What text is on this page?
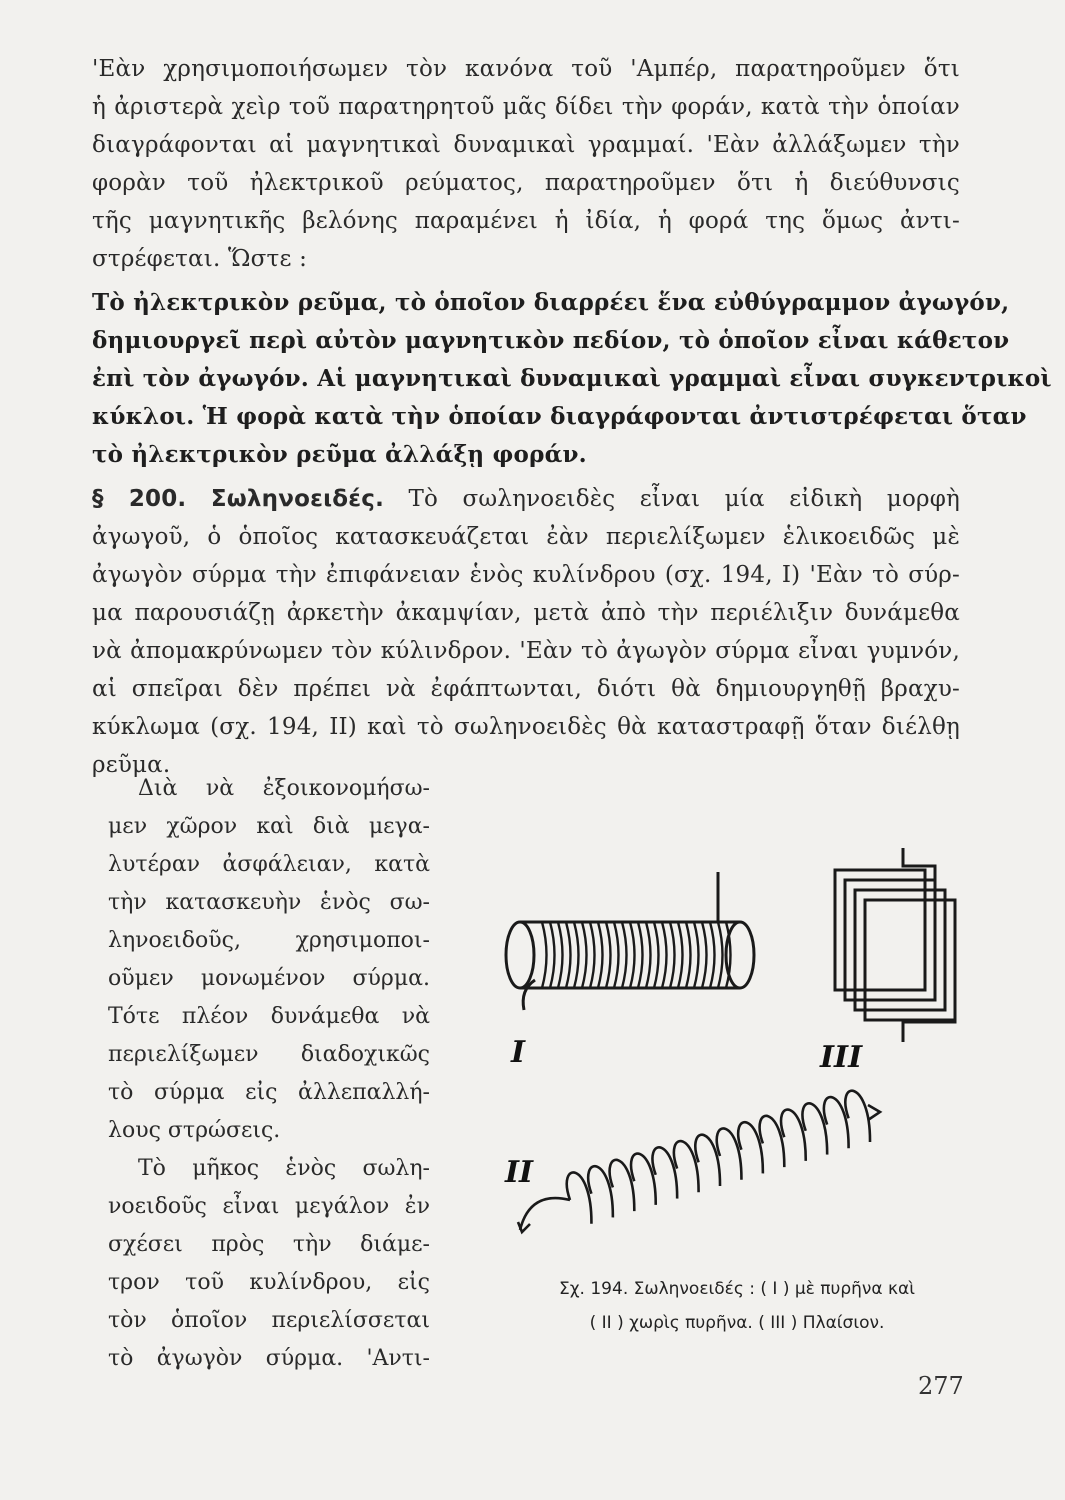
'Εὰν χρησιμοποιήσωμεν τὸν κανόνα τοῦ 'Αμπέρ, παρατηροῦμεν ὅτι
ἡ ἀριστερὰ χεὶρ τοῦ παρατηρητοῦ μᾶς δίδει τὴν φοράν, κατὰ τὴν ὁποίαν
διαγράφονται αἱ μαγνητικαὶ δυναμικαὶ γραμμαί. 'Εὰν ἀλλάξωμεν τὴν
φορὰν τοῦ ἠλεκτρικοῦ ρεύματος, παρατηροῦμεν ὅτι ἡ διεύθυνσις
τῆς μαγνητικῆς βελόνης παραμένει ἡ ἰδία, ἡ φορά της ὅμως ἀντι-
στρέφεται. Ὥστε :
Τὸ ἠλεκτρικὸν ρεῦμα, τὸ ὁποῖον διαρρέει ἕνα εὐθύγραμμον ἀγωγόν,
δημιουργεῖ περὶ αὐτὸν μαγνητικὸν πεδίον, τὸ ὁποῖον εἶναι κάθετον
ἐπὶ τὸν ἀγωγόν. Αἱ μαγνητικαὶ δυναμικαὶ γραμμαὶ εἶναι συγκεντρικοὶ
κύκλοι. Ἡ φορὰ κατὰ τὴν ὁποίαν διαγράφονται ἀντιστρέφεται ὅταν
τὸ ἠλεκτρικὸν ρεῦμα ἀλλάξῃ φοράν.
§ 200. Σωληνοειδές. Τὸ σωληνοειδὲς εἶναι μία εἰδικὴ μορφὴ
ἀγωγοῦ, ὁ ὁποῖος κατασκευάζεται ἐὰν περιελίξωμεν ἑλικοειδῶς μὲ
ἀγωγὸν σύρμα τὴν ἐπιφάνειαν ἑνὸς κυλίνδρου (σχ. 194, I) 'Εὰν τὸ σύρ-
μα παρουσιάζῃ ἀρκετὴν ἀκαμψίαν, μετὰ ἀπὸ τὴν περιέλιξιν δυνάμεθα
νὰ ἀπομακρύνωμεν τὸν κύλινδρον. 'Εὰν τὸ ἀγωγὸν σύρμα εἶναι γυμνόν,
αἱ σπεῖραι δὲν πρέπει νὰ ἐφάπτωνται, διότι θὰ δημιουργηθῇ βραχυ-
κύκλωμα (σχ. 194, II) καὶ τὸ σωληνοειδὲς θὰ καταστραφῇ ὅταν διέλθῃ
ρεῦμα.
Διὰ νὰ ἐξοικονομήσω-
μεν χῶρον καὶ διὰ μεγα-
λυτέραν ἀσφάλειαν, κατὰ
τὴν κατασκευὴν ἑνὸς σω-
ληνοειδοῦς, χρησιμοποι-
οῦμεν μονωμένον σύρμα.
Τότε πλέον δυνάμεθα νὰ
περιελίξωμεν διαδοχικῶς
τὸ σύρμα εἰς ἀλλεπαλλή-
λους στρώσεις.
Τὸ μῆκος ἑνὸς σωλη-
νοειδοῦς εἶναι μεγάλον ἐν
σχέσει πρὸς τὴν διάμε-
τρον τοῦ κυλίνδρου, εἰς
τὸν ὁποῖον περιελίσσεται
τὸ ἀγωγὸν σύρμα. 'Αντι-
I
II
III
Σχ. 194. Σωληνοειδές : ( I ) μὲ πυρῆνα καὶ
( II ) χωρὶς πυρῆνα. ( III ) Πλαίσιον.
277
